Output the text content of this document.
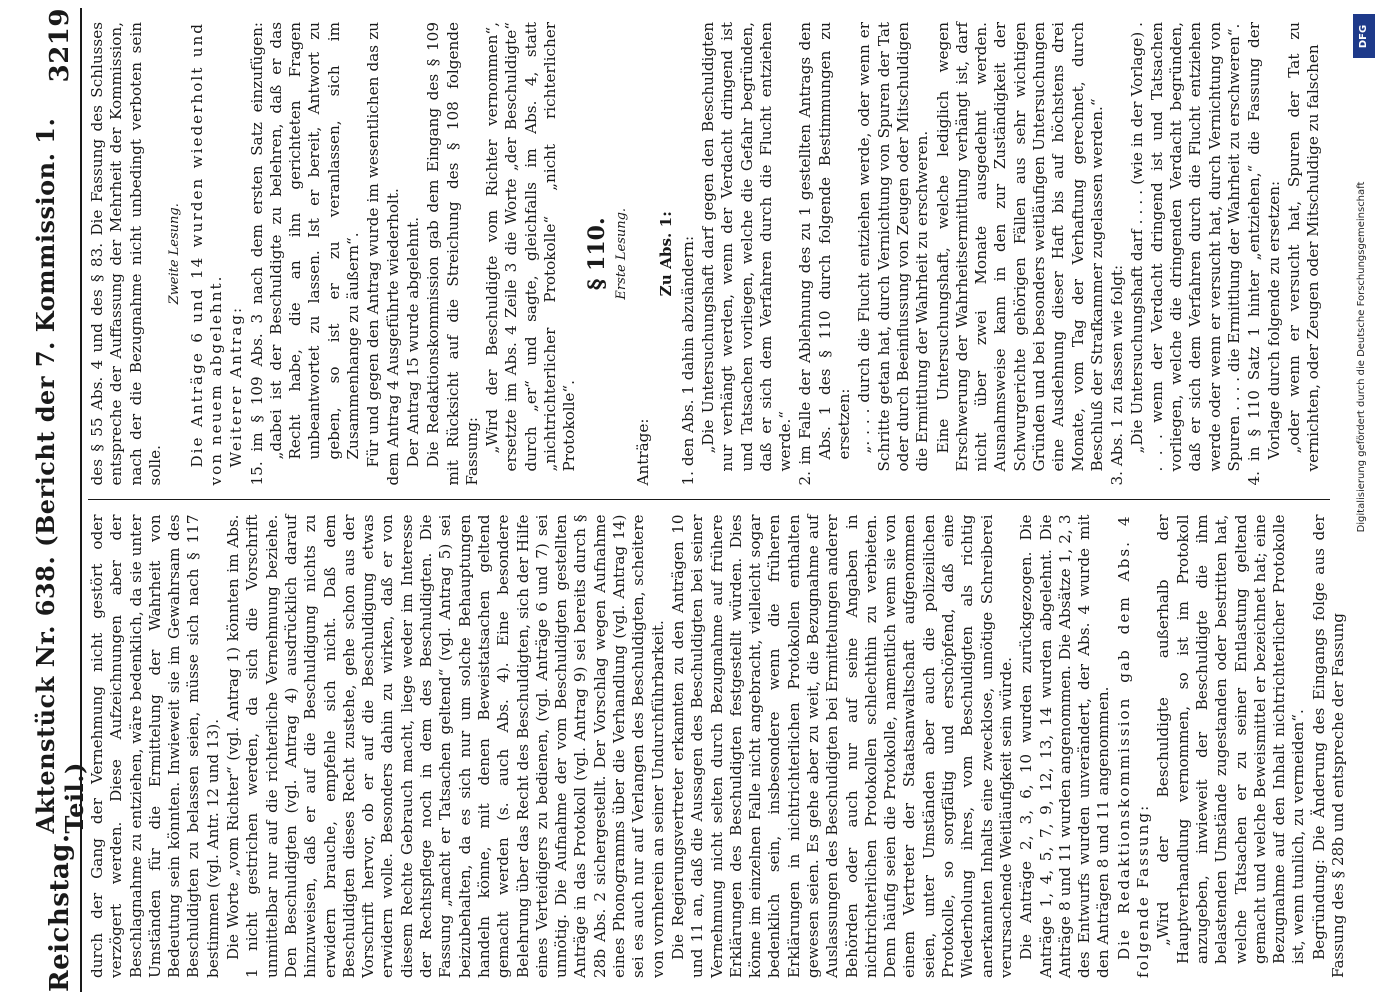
Reichstag.
Aktenstück Nr. 638. (Bericht der 7. Kommission. 1. Teil.)
3219

durch der Gang der Vernehmung nicht gestört oder verzögert werden. Diese Aufzeichnungen aber der Beschlagnahme zu entziehen, wäre bedenklich, da sie unter Umständen für die Ermittelung der Wahrheit von Bedeutung sein könnten. Inwieweit sie im Gewahrsam des Beschuldigten zu belassen seien, müsse sich nach § 117 bestimmen (vgl. Antr. 12 und 13). Die Worte „vom Richter“ (vgl. Antrag 1) könnten im Abs. 1 nicht gestrichen werden, da sich die Vorschrift unmittelbar nur auf die richterliche Vernehmung beziehe. Den Beschuldigten (vgl. Antrag 4) ausdrücklich darauf hinzuweisen, daß er auf die Beschuldigung nichts zu erwidern brauche, empfehle sich nicht. Daß dem Beschuldigten dieses Recht zustehe, gehe schon aus der Vorschrift hervor, ob er auf die Beschuldigung etwas erwidern wolle. Besonders dahin zu wirken, daß er von diesem Rechte Gebrauch macht, liege weder im Interesse der Rechtspflege noch in dem des Beschuldigten. Die Fassung „macht er Tatsachen geltend“ (vgl. Antrag 5) sei beizubehalten, da es sich nur um solche Behauptungen handeln könne, mit denen Beweistatsachen geltend gemacht werden (s. auch Abs. 4). Eine besondere Belehrung über das Recht des Beschuldigten, sich der Hilfe eines Verteidigers zu bedienen, (vgl. Anträge 6 und 7) sei unnötig. Die Aufnahme der vom Beschuldigten gestellten Anträge in das Protokoll (vgl. Antrag 9) sei bereits durch § 28b Abs. 2 sichergestellt. Der Vorschlag wegen Aufnahme eines Phonogramms über die Verhandlung (vgl. Antrag 14) sei es auch nur auf Verlangen des Beschuldigten, scheitere von vornherein an seiner Undurchführbarkeit. Die Regierungsvertreter erkannten zu den Anträgen 10 und 11 an, daß die Aussagen des Beschuldigten bei seiner Vernehmung nicht selten durch Bezugnahme auf frühere Erklärungen des Beschuldigten festgestellt würden. Dies könne im einzelnen Falle nicht angebracht, vielleicht sogar bedenklich sein, insbesondere wenn die früheren Erklärungen in nichtrichterlichen Protokollen enthalten gewesen seien. Es gehe aber zu weit, die Bezugnahme auf Auslassungen des Beschuldigten bei Ermittelungen anderer Behörden oder auch nur auf seine Angaben in nichtrichterlichen Protokollen schlechthin zu verbieten. Denn häufig seien die Protokolle, namentlich wenn sie von einem Vertreter der Staatsanwaltschaft aufgenommen seien, unter Umständen aber auch die polizeilichen Protokolle, so sorgfältig und erschöpfend, daß eine Wiederholung ihres, vom Beschuldigten als richtig anerkannten Inhalts eine zwecklose, unnötige Schreiberei verursachende Weitläufigkeit sein würde. Die Anträge 2, 3, 6, 10 wurden zurückgezogen. Die Anträge 1, 4, 5, 7, 9, 12, 13, 14 wurden abgelehnt. Die Anträge 8 und 11 wurden angenommen. Die Absätze 1, 2, 3 des Entwurfs wurden unverändert, der Abs. 4 wurde mit den Anträgen 8 und 11 angenommen. Die Redaktionskommission gab dem Abs. 4 folgende Fassung: „Wird der Beschuldigte außerhalb der Hauptverhandlung vernommen, so ist im Protokoll anzugeben, inwieweit der Beschuldigte die ihm belastenden Umstände zugestanden oder bestritten hat, welche Tatsachen er zu seiner Entlastung geltend gemacht und welche Beweismittel er bezeichnet hat; eine Bezugnahme auf den Inhalt nichtrichterlicher Protokolle ist, wenn tunlich, zu vermeiden“. Begründung: Die Änderung des Eingangs folge aus der Fassung des § 28b und entspreche der Fassung

des § 55 Abs. 4 und des § 83. Die Fassung des Schlusses entspreche der Auffassung der Mehrheit der Kommission, nach der die Bezugnahme nicht unbedingt verboten sein solle.

Zweite Lesung. Die Anträge 6 und 14 wurden wiederholt und von neuem abgelehnt. Weiterer Antrag: 15. im § 109 Abs. 3 nach dem ersten Satz einzufügen: „dabei ist der Beschuldigte zu belehren, daß er das Recht habe, die an ihn gerichteten Fragen unbeantwortet zu lassen. Ist er bereit, Antwort zu geben, so ist er zu veranlassen, sich im Zusammenhange zu äußern“. Für und gegen den Antrag wurde im wesentlichen das zu dem Antrag 4 Ausgeführte wiederholt. Der Antrag 15 wurde abgelehnt. Die Redaktionskommission gab dem Eingang des § 109 mit Rücksicht auf die Streichung des § 108 folgende Fassung: „Wird der Beschuldigte vom Richter vernommen“, ersetzte im Abs. 4 Zeile 3 die Worte „der Beschuldigte“ durch „er“ und sagte, gleichfalls im Abs. 4, statt „nichtrichterlicher Protokolle“ „nicht richterlicher Protokolle“.

§ 110. Erste Lesung.

Anträge:

Zu Abs. 1: 1. den Abs. 1 dahin abzuändern: „Die Untersuchungshaft darf gegen den Beschuldigten nur verhängt werden, wenn der Verdacht dringend ist und Tatsachen vorliegen, welche die Gefahr begründen, daß er sich dem Verfahren durch die Flucht entziehen werde.“ 2. im Falle der Ablehnung des zu 1 gestellten Antrags den Abs. 1 des § 110 durch folgende Bestimmungen zu ersetzen: „. . . . durch die Flucht entziehen werde, oder wenn er Schritte getan hat, durch Vernichtung von Spuren der Tat oder durch Beeinflussung von Zeugen oder Mitschuldigen die Ermittlung der Wahrheit zu erschweren. Eine Untersuchungshaft, welche lediglich wegen Erschwerung der Wahrheitsermittlung verhängt ist, darf nicht über zwei Monate ausgedehnt werden. Ausnahmsweise kann in den zur Zuständigkeit der Schwurgerichte gehörigen Fällen aus sehr wichtigen Gründen und bei besonders weitläufigen Untersuchungen eine Ausdehnung dieser Haft bis auf höchstens drei Monate, vom Tag der Verhaftung gerechnet, durch Beschluß der Strafkammer zugelassen werden.“ 3. Abs. 1 zu fassen wie folgt: „Die Untersuchungshaft darf . . . . (wie in der Vorlage) . . . . wenn der Verdacht dringend ist und Tatsachen vorliegen, welche die dringenden Verdacht begründen, daß er sich dem Verfahren durch die Flucht entziehen werde oder wenn er versucht hat, durch Vernichtung von Spuren . . . . die Ermittlung der Wahrheit zu erschweren“. 4. in § 110 Satz 1 hinter „entziehen,“ die Fassung der Vorlage durch folgende zu ersetzen: „oder wenn er versucht hat, Spuren der Tat zu vernichten, oder Zeugen oder Mitschuldige zu falschen

DFG
Digitalisierung gefördert durch die Deutsche Forschungsgemeinschaft
